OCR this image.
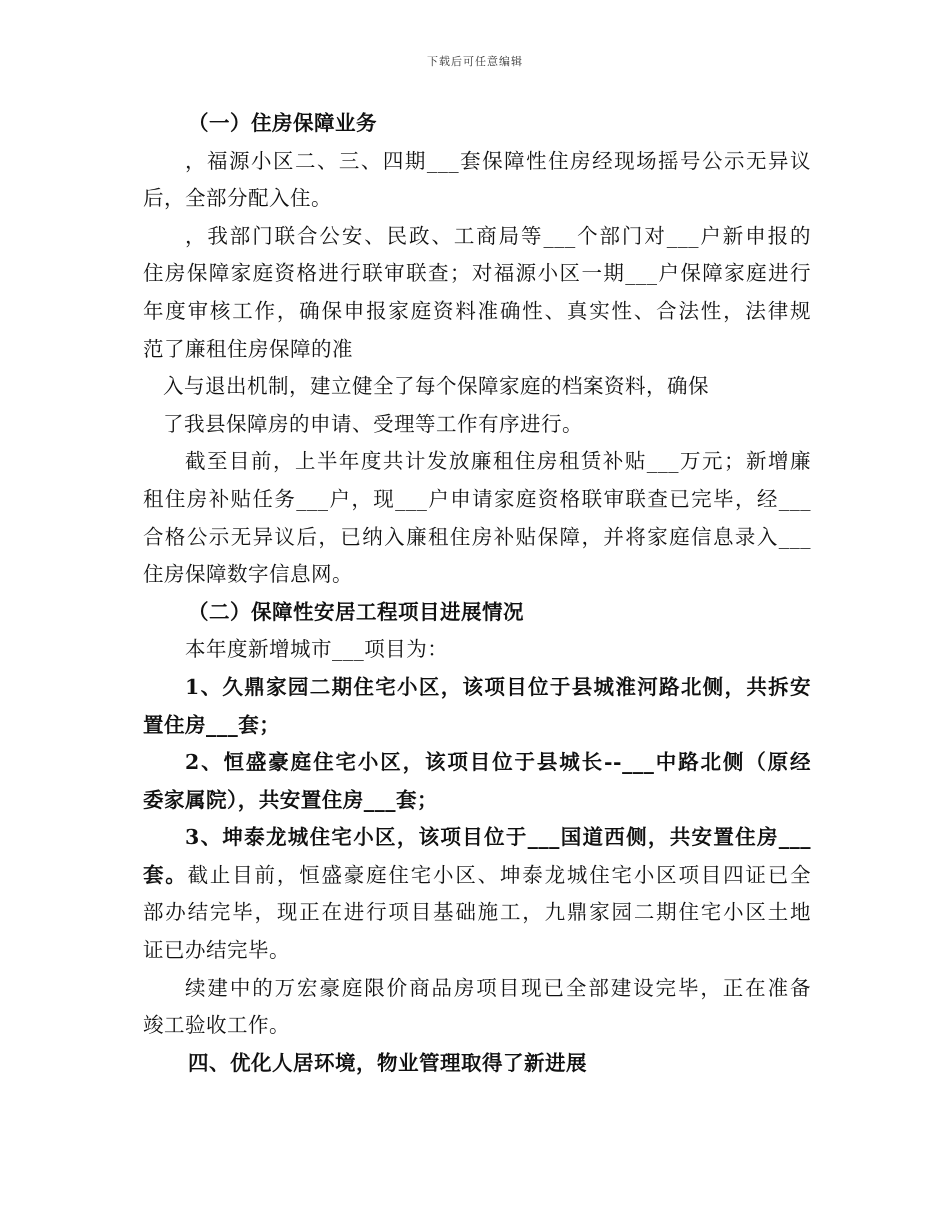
下载后可任意编辑
（一）住房保障业务
，福源小区二、三、四期___套保障性住房经现场摇号公示无异议
后，全部分配入住。
，我部门联合公安、民政、工商局等___个部门对___户新申报的
住房保障家庭资格进行联审联查；对福源小区一期___户保障家庭进行
年度审核工作，确保申报家庭资料准确性、真实性、合法性，法律规
范了廉租住房保障的准
入与退出机制，建立健全了每个保障家庭的档案资料，确保
了我县保障房的申请、受理等工作有序进行。
截至目前，上半年度共计发放廉租住房租赁补贴___万元；新增廉
租住房补贴任务___户，现___户申请家庭资格联审联查已完毕，经___
合格公示无异议后，已纳入廉租住房补贴保障，并将家庭信息录入___
住房保障数字信息网。
（二）保障性安居工程项目进展情况
本年度新增城市___项目为：
1、久鼎家园二期住宅小区，该项目位于县城淮河路北侧，共拆安
置住房___套；
2、恒盛豪庭住宅小区，该项目位于县城长--___中路北侧（原经
委家属院），共安置住房___套；
3、坤泰龙城住宅小区，该项目位于___国道西侧，共安置住房___
套。截止目前，恒盛豪庭住宅小区、坤泰龙城住宅小区项目四证已全
部办结完毕，现正在进行项目基础施工，九鼎家园二期住宅小区土地
证已办结完毕。
续建中的万宏豪庭限价商品房项目现已全部建设完毕，正在准备
竣工验收工作。
四、优化人居环境，物业管理取得了新进展
